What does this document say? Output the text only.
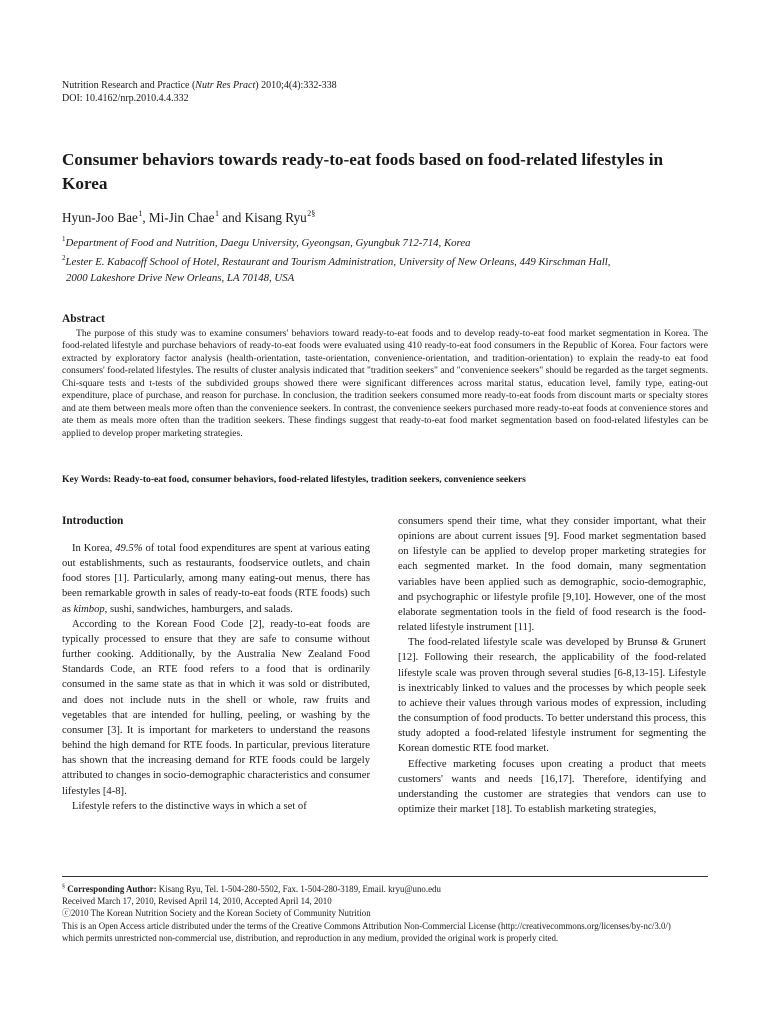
Nutrition Research and Practice (Nutr Res Pract) 2010;4(4):332-338
DOI: 10.4162/nrp.2010.4.4.332
Consumer behaviors towards ready-to-eat foods based on food-related lifestyles in Korea
Hyun-Joo Bae$^1$, Mi-Jin Chae$^1$ and Kisang Ryu$^{2\S}$
$^1$Department of Food and Nutrition, Daegu University, Gyeongsan, Gyungbuk 712-714, Korea
$^2$Lester E. Kabacoff School of Hotel, Restaurant and Tourism Administration, University of New Orleans, 449 Kirschman Hall,
2000 Lakeshore Drive New Orleans, LA 70148, USA
Abstract
The purpose of this study was to examine consumers' behaviors toward ready-to-eat foods and to develop ready-to-eat food market segmentation in Korea. The food-related lifestyle and purchase behaviors of ready-to-eat foods were evaluated using 410 ready-to-eat food consumers in the Republic of Korea. Four factors were extracted by exploratory factor analysis (health-orientation, taste-orientation, convenience-orientation, and tradition-orientation) to explain the ready-to eat food consumers' food-related lifestyles. The results of cluster analysis indicated that "tradition seekers" and "convenience seekers" should be regarded as the target segments. Chi-square tests and t-tests of the subdivided groups showed there were significant differences across marital status, education level, family type, eating-out expenditure, place of purchase, and reason for purchase. In conclusion, the tradition seekers consumed more ready-to-eat foods from discount marts or specialty stores and ate them between meals more often than the convenience seekers. In contrast, the convenience seekers purchased more ready-to-eat foods at convenience stores and ate them as meals more often than the tradition seekers. These findings suggest that ready-to-eat food market segmentation based on food-related lifestyles can be applied to develop proper marketing strategies.
Key Words: Ready-to-eat food, consumer behaviors, food-related lifestyles, tradition seekers, convenience seekers
Introduction

In Korea, 49.5% of total food expenditures are spent at various eating out establishments, such as restaurants, foodservice outlets, and chain food stores [1]. Particularly, among many eating-out menus, there has been remarkable growth in sales of ready-to-eat foods (RTE foods) such as kimbop, sushi, sandwiches, hamburgers, and salads.

According to the Korean Food Code [2], ready-to-eat foods are typically processed to ensure that they are safe to consume without further cooking. Additionally, by the Australia New Zealand Food Standards Code, an RTE food refers to a food that is ordinarily consumed in the same state as that in which it was sold or distributed, and does not include nuts in the shell or whole, raw fruits and vegetables that are intended for hulling, peeling, or washing by the consumer [3]. It is important for marketers to understand the reasons behind the high demand for RTE foods. In particular, previous literature has shown that the increasing demand for RTE foods could be largely attributed to changes in socio-demographic characteristics and consumer lifestyles [4-8].

Lifestyle refers to the distinctive ways in which a set of

consumers spend their time, what they consider important, what their opinions are about current issues [9]. Food market segmentation based on lifestyle can be applied to develop proper marketing strategies for each segmented market. In the food domain, many segmentation variables have been applied such as demographic, socio-demographic, and psychographic or lifestyle profile [9,10]. However, one of the most elaborate segmentation tools in the field of food research is the food-related lifestyle instrument [11].

The food-related lifestyle scale was developed by Brunsø & Grunert [12]. Following their research, the applicability of the food-related lifestyle scale was proven through several studies [6-8,13-15]. Lifestyle is inextricably linked to values and the processes by which people seek to achieve their values through various modes of expression, including the consumption of food products. To better understand this process, this study adopted a food-related lifestyle instrument for segmenting the Korean domestic RTE food market.

Effective marketing focuses upon creating a product that meets customers' wants and needs [16,17]. Therefore, identifying and understanding the customer are strategies that vendors can use to optimize their market [18]. To establish marketing strategies,

§ Corresponding Author: Kisang Ryu, Tel. 1-504-280-5502, Fax. 1-504-280-3189, Email. kryu@uno.edu
Received March 17, 2010, Revised April 14, 2010, Accepted April 14, 2010
ⓒ2010 The Korean Nutrition Society and the Korean Society of Community Nutrition
This is an Open Access article distributed under the terms of the Creative Commons Attribution Non-Commercial License (http://creativecommons.org/licenses/by-nc/3.0/)
which permits unrestricted non-commercial use, distribution, and reproduction in any medium, provided the original work is properly cited.
